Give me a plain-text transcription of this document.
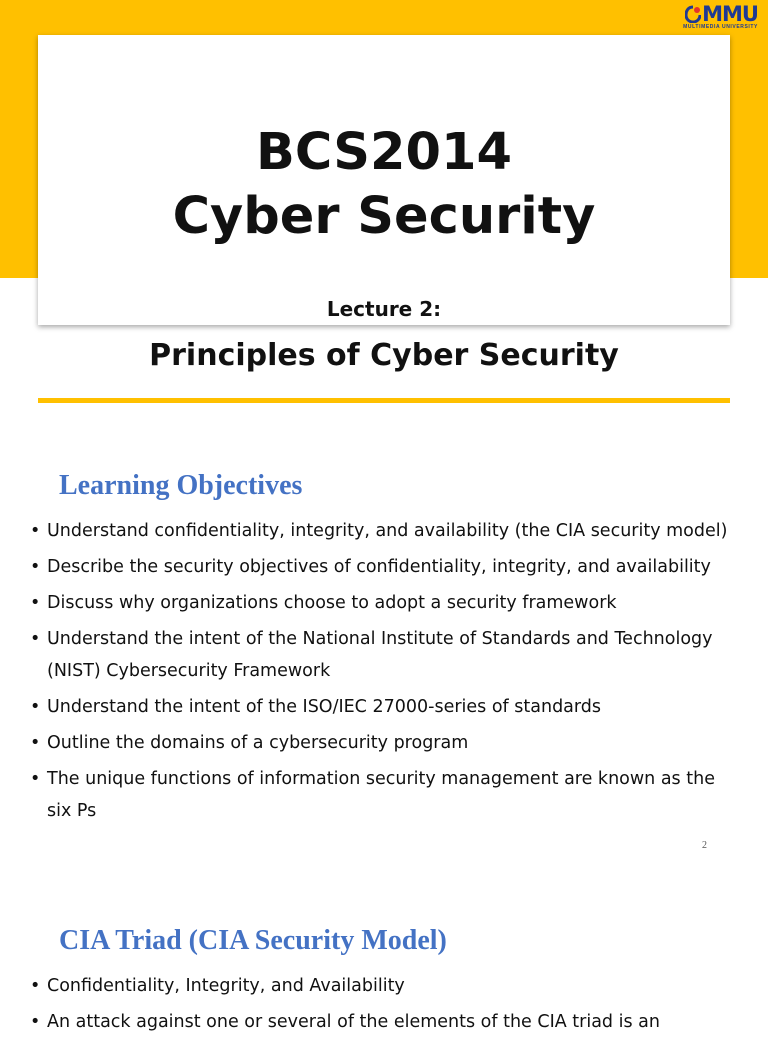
MMU
MULTIMEDIA UNIVERSITY
BCS2014
Cyber Security
Lecture 2:
Principles of Cyber Security
Learning Objectives
• Understand confidentiality, integrity, and availability (the CIA security model)
• Describe the security objectives of confidentiality, integrity, and availability
• Discuss why organizations choose to adopt a security framework
• Understand the intent of the National Institute of Standards and Technology (NIST) Cybersecurity Framework
• Understand the intent of the ISO/IEC 27000-series of standards
• Outline the domains of a cybersecurity program
• The unique functions of information security management are known as the six Ps
2
CIA Triad (CIA Security Model)
• Confidentiality, Integrity, and Availability
• An attack against one or several of the elements of the CIA triad is an
